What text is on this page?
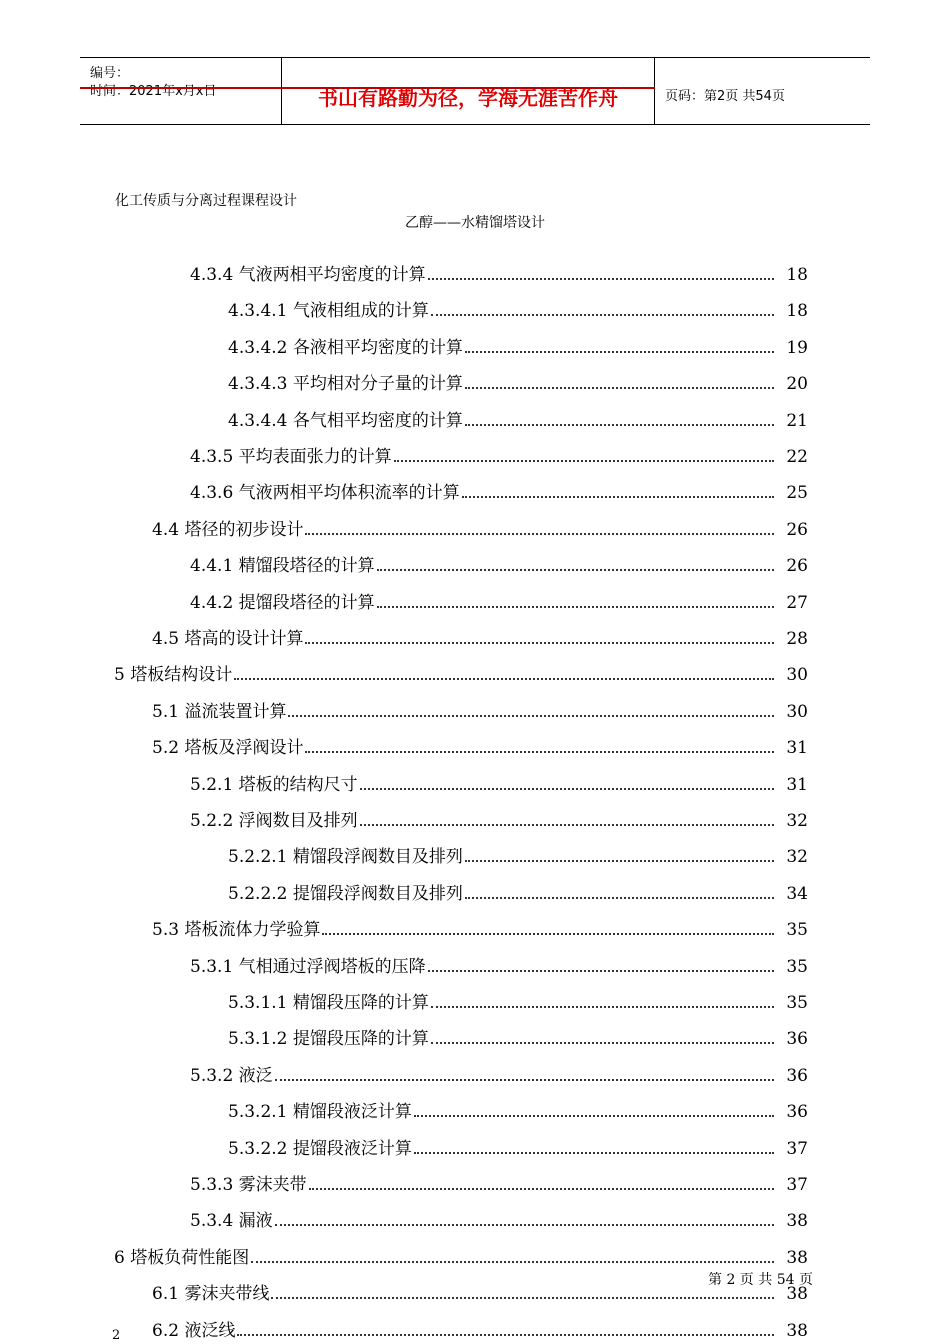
编号：
时间：2021年x月x日	书山有路勤为径，学海无涯苦作舟	页码：第2页 共54页
化工传质与分离过程课程设计
乙醇——水精馏塔设计
4.3.4 气液两相平均密度的计算	18
4.3.4.1 气液相组成的计算	18
4.3.4.2 各液相平均密度的计算	19
4.3.4.3 平均相对分子量的计算	20
4.3.4.4 各气相平均密度的计算	21
4.3.5 平均表面张力的计算	22
4.3.6 气液两相平均体积流率的计算	25
4.4 塔径的初步设计	26
4.4.1 精馏段塔径的计算	26
4.4.2 提馏段塔径的计算	27
4.5 塔高的设计计算	28
5 塔板结构设计	30
5.1 溢流装置计算	30
5.2 塔板及浮阀设计	31
5.2.1 塔板的结构尺寸	31
5.2.2 浮阀数目及排列	32
5.2.2.1 精馏段浮阀数目及排列	32
5.2.2.2 提馏段浮阀数目及排列	34
5.3 塔板流体力学验算	35
5.3.1 气相通过浮阀塔板的压降	35
5.3.1.1 精馏段压降的计算	35
5.3.1.2 提馏段压降的计算	36
5.3.2 液泛	36
5.3.2.1 精馏段液泛计算	36
5.3.2.2 提馏段液泛计算	37
5.3.3 雾沫夹带	37
5.3.4 漏液	38
6 塔板负荷性能图	38
6.1 雾沫夹带线	38
6.2 液泛线	38
第 2 页 共 54 页
2
